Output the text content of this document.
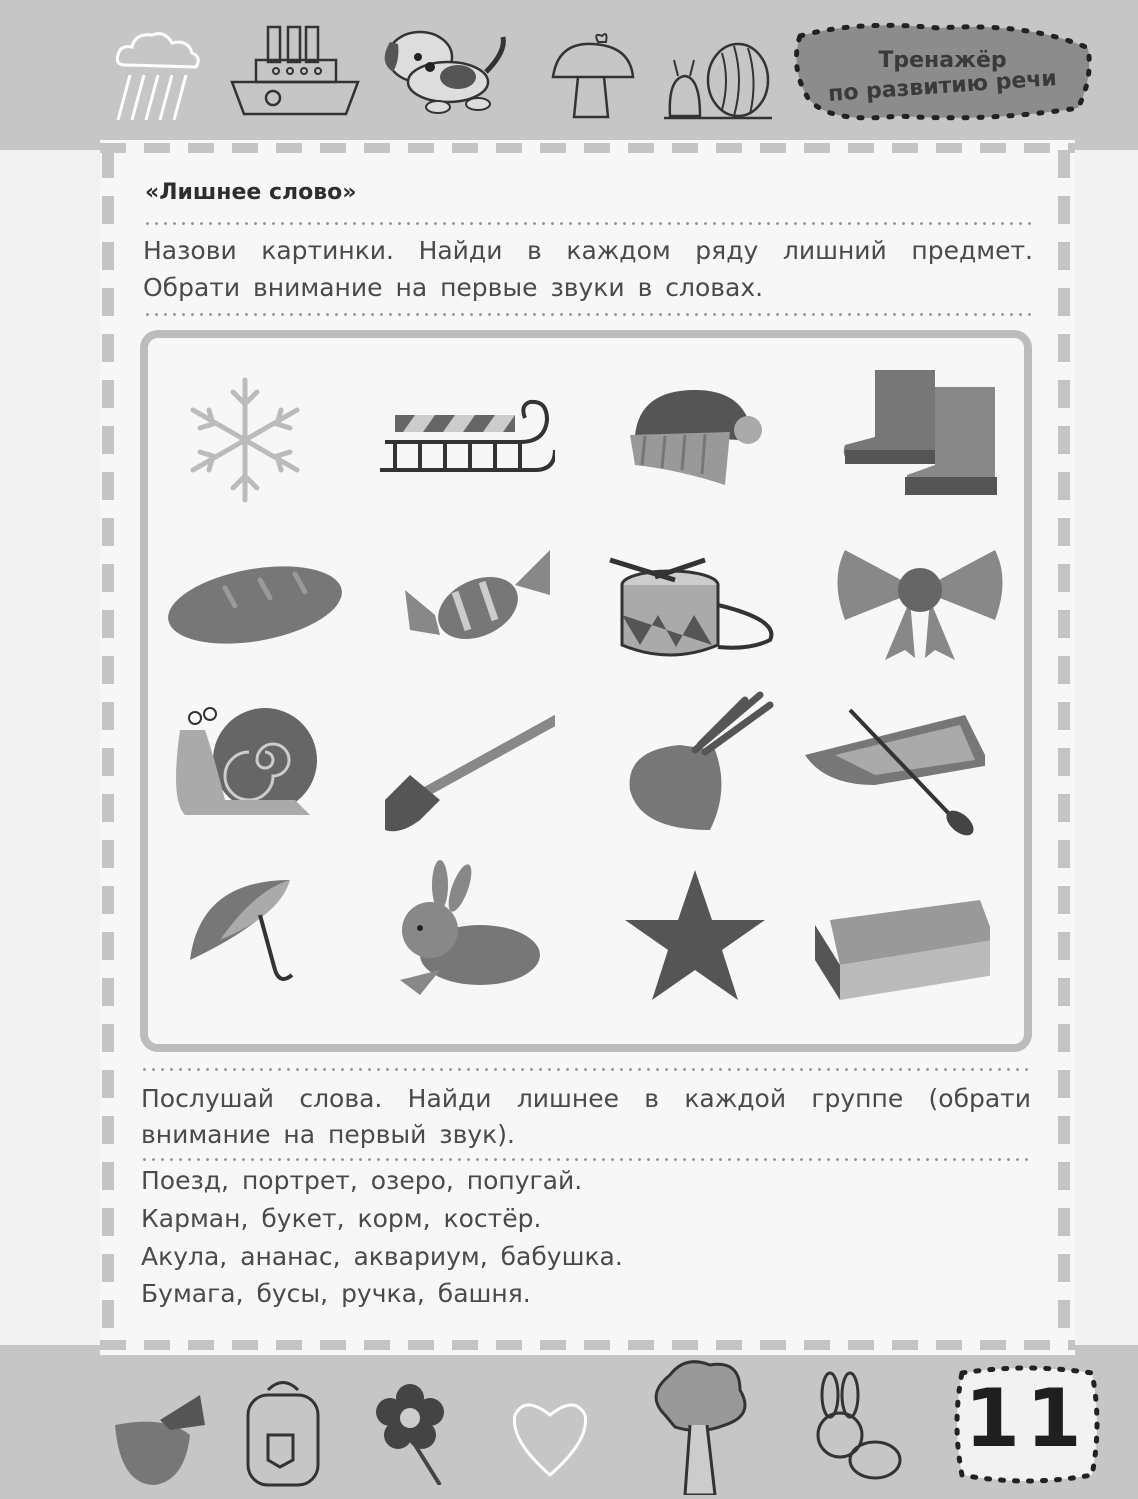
Тренажёр
по развитию речи
«Лишнее слово»
Назови картинки. Найди в каждом ряду лишний предмет.
Обрати внимание на первые звуки в словах.
Послушай слова. Найди лишнее в каждой группе (обрати
внимание на первый звук).
Поезд, портрет, озеро, попугай.
Карман, букет, корм, костёр.
Акула, ананас, аквариум, бабушка.
Бумага, бусы, ручка, башня.
11
